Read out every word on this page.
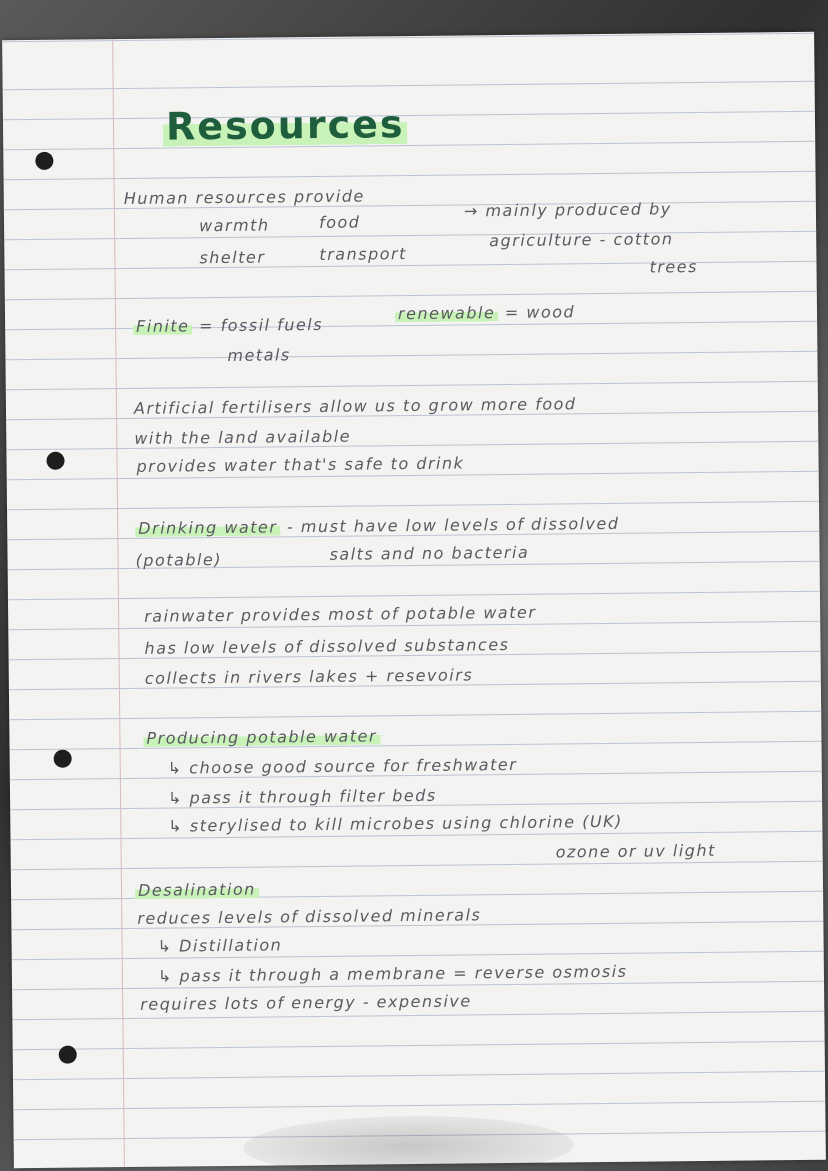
Resources
Human resources provide
warmth	food
shelter	transport
→ mainly produced by
agriculture - cotton
trees
Finite = fossil fuels
metals
renewable = wood
Artificial fertilisers allow us to grow more food
with the land available
provides water that's safe to drink
Drinking water - must have low levels of dissolved
(potable)	salts and no bacteria
rainwater provides most of potable water
has low levels of dissolved substances
collects in rivers lakes + resevoirs
Producing potable water
↳ choose good source for freshwater
↳ pass it through filter beds
↳ sterylised to kill microbes using chlorine (UK)
ozone or uv light
Desalination
reduces levels of dissolved minerals
↳ Distillation
↳ pass it through a membrane = reverse osmosis
requires lots of energy - expensive
